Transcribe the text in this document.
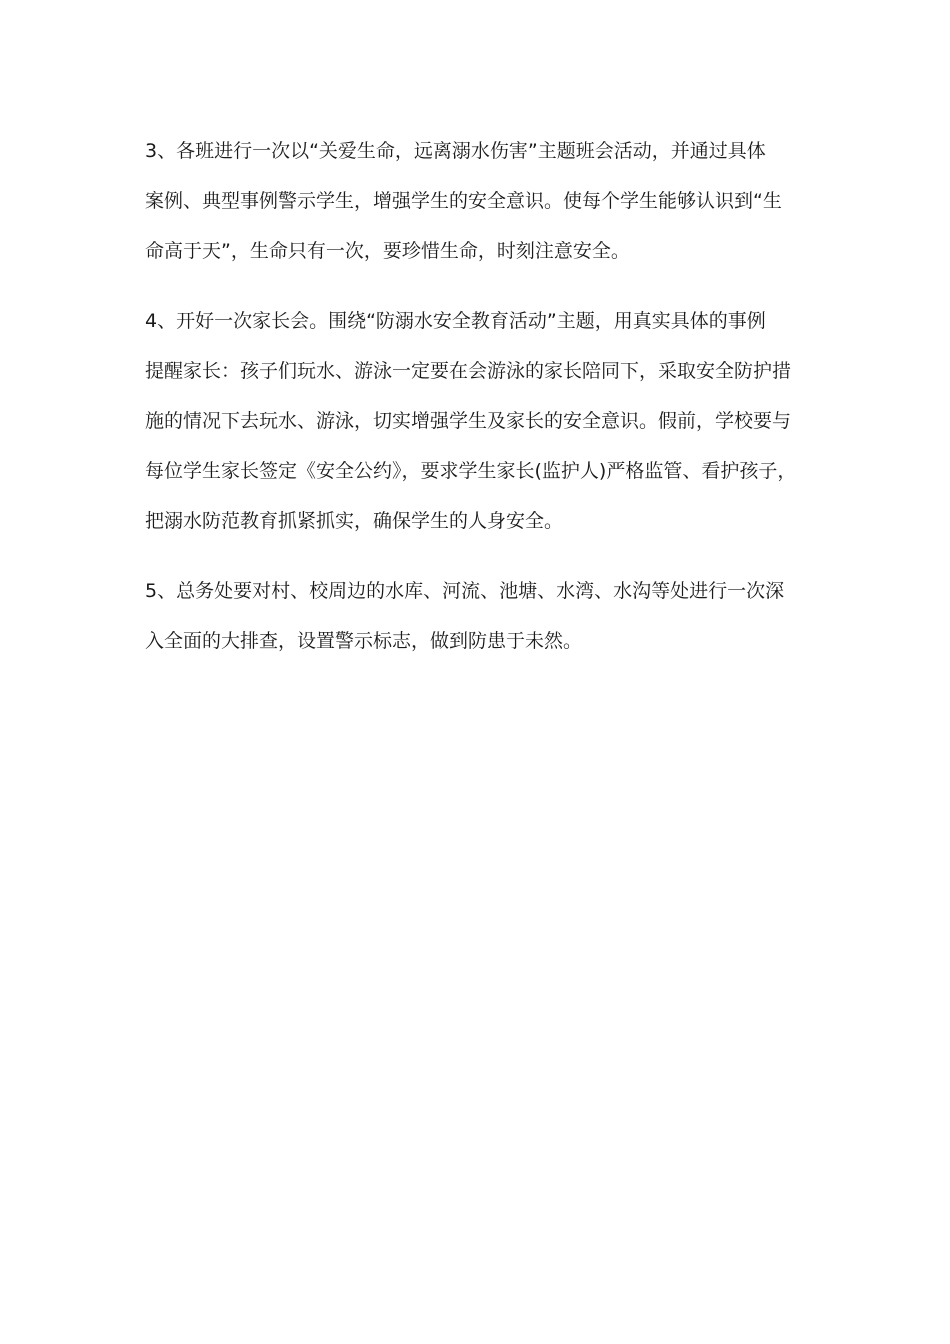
3、各班进行一次以“关爱生命，远离溺水伤害”主题班会活动，并通过具体
案例、典型事例警示学生，增强学生的安全意识。使每个学生能够认识到“生
命高于天”，生命只有一次，要珍惜生命，时刻注意安全。
4、开好一次家长会。围绕“防溺水安全教育活动”主题，用真实具体的事例
提醒家长：孩子们玩水、游泳一定要在会游泳的家长陪同下，采取安全防护措
施的情况下去玩水、游泳，切实增强学生及家长的安全意识。假前，学校要与
每位学生家长签定《安全公约》，要求学生家长(监护人)严格监管、看护孩子，
把溺水防范教育抓紧抓实，确保学生的人身安全。
5、总务处要对村、校周边的水库、河流、池塘、水湾、水沟等处进行一次深
入全面的大排查，设置警示标志，做到防患于未然。
